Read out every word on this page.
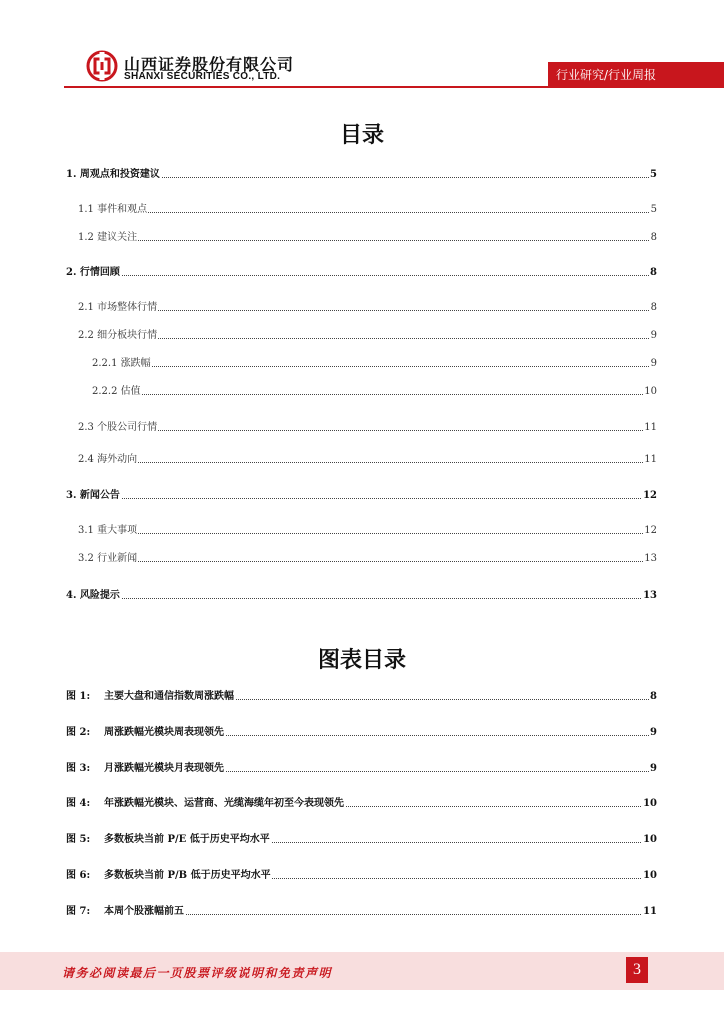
山西证券股份有限公司
SHANXI SECURITIES CO., LTD.	行业研究/行业周报
目录
1. 周观点和投资建议	5
1.1 事件和观点	5
1.2 建议关注	8
2. 行情回顾	8
2.1 市场整体行情	8
2.2 细分板块行情	9
2.2.1 涨跌幅	9
2.2.2 估值	10
2.3 个股公司行情	11
2.4 海外动向	11
3. 新闻公告	12
3.1 重大事项	12
3.2 行业新闻	13
4. 风险提示	13
图表目录
图 1: 主要大盘和通信指数周涨跌幅	8
图 2: 周涨跌幅光模块周表现领先	9
图 3: 月涨跌幅光模块月表现领先	9
图 4: 年涨跌幅光模块、运营商、光缆海缆年初至今表现领先	10
图 5: 多数板块当前 P/E 低于历史平均水平	10
图 6: 多数板块当前 P/B 低于历史平均水平	10
图 7: 本周个股涨幅前五	11
请务必阅读最后一页股票评级说明和免责声明	3
